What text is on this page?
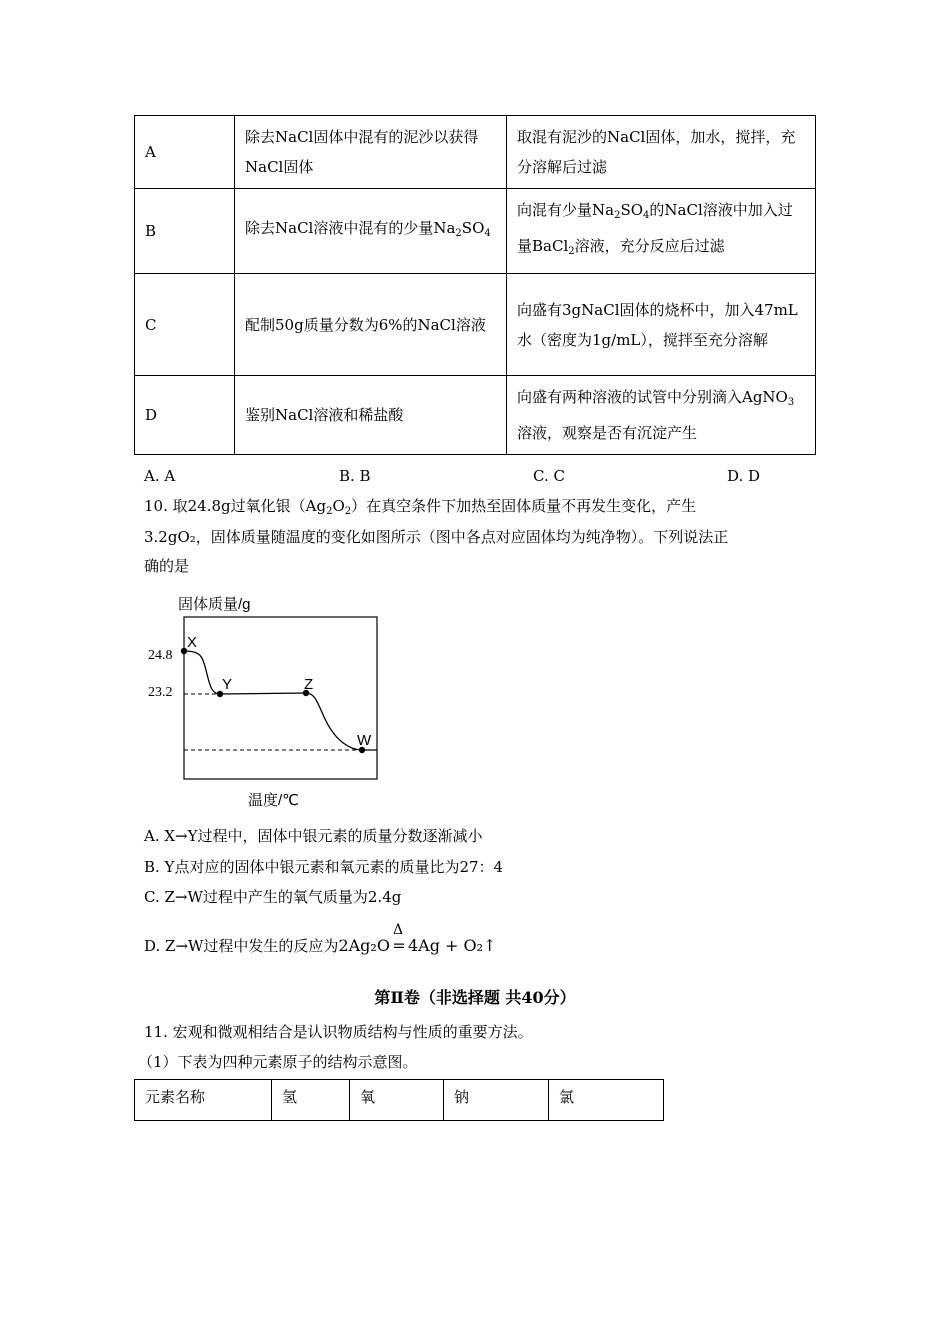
A	除去NaCl固体中混有的泥沙以获得NaCl固体	取混有泥沙的NaCl固体，加水，搅拌，充分溶解后过滤
B	除去NaCl溶液中混有的少量$Na_2SO_4$	向混有少量$Na_2SO_4$的NaCl溶液中加入过量BaCl$_2$溶液，充分反应后过滤
C	配制50g质量分数为6%的NaCl溶液	向盛有3gNaCl固体的烧杯中，加入47mL水（密度为1g/mL），搅拌至充分溶解
D	鉴别NaCl溶液和稀盐酸	向盛有两种溶液的试管中分别滴入AgNO$_3$溶液，观察是否有沉淀产生
A. A	B. B	C. C	D. D
10. 取24.8g过氧化银$(Ag_2O_2)$在真空条件下加热至固体质量不再发生变化，产生
3.2gO₂，固体质量随温度的变化如图所示（图中各点对应固体均为纯净物）。下列说法正
确的是
固体质量/g
24.8
23.2
X
Y	Z
W
温度/℃
A. X→Y过程中，固体中银元素的质量分数逐渐减小
B. Y点对应的固体中银元素和氧元素的质量比为27：4
C. Z→W过程中产生的氧气质量为2.4g
D. Z→W过程中发生的反应为2Ag₂O
Δ
= 4Ag + O₂↑
第Ⅱ卷（非选择题 共40分）
11. 宏观和微观相结合是认识物质结构与性质的重要方法。
（1）下表为四种元素原子的结构示意图。
元素名称	氢	氧	钠	氯
